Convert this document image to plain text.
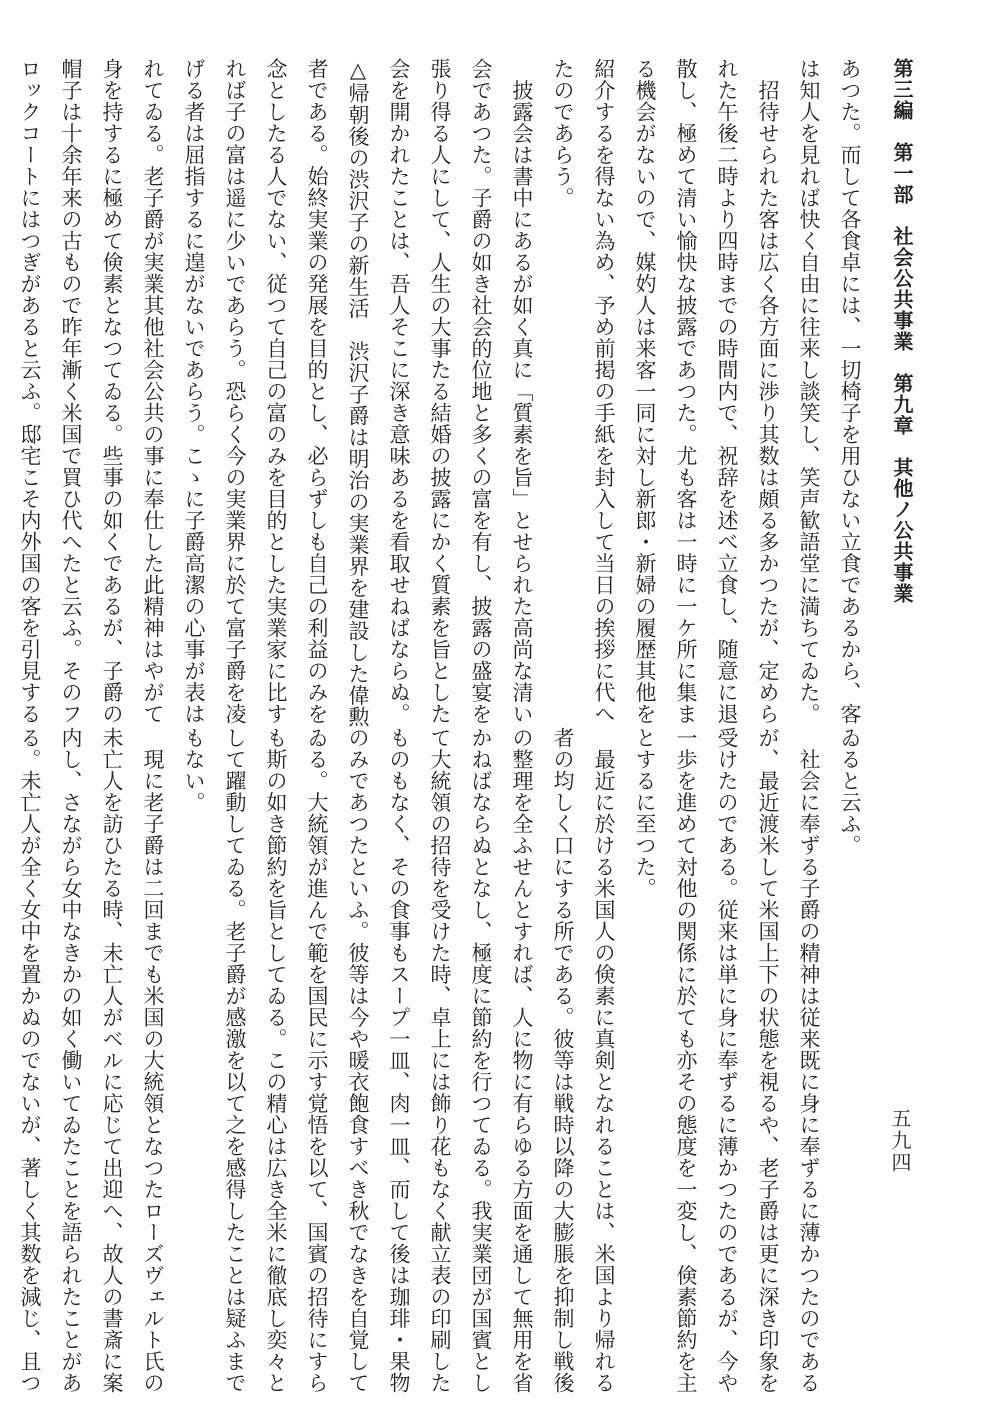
第三編　第一部　社会公共事業　第九章　其他ノ公共事業

あつた。而して各食卓には、一切椅子を用ひない立食であるから、客

は知人を見れば快く自由に往来し談笑し、笑声歓語堂に満ちてゐた。

　招待せられた客は広く各方面に渉り其数は頗る多かつたが、定めら

れた午後二時より四時までの時間内で、祝辞を述べ立食し、随意に退

散し、極めて清い愉快な披露であつた。尤も客は一時に一ケ所に集ま

る機会がないので、媒妁人は来客一同に対し新郎・新婦の履歴其他を

紹介するを得ない為め、予め前掲の手紙を封入して当日の挨拶に代へ

たのであらう。

　披露会は書中にあるが如く真に「質素を旨」とせられた高尚な清い

会であつた。子爵の如き社会的位地と多くの富を有し、披露の盛宴を

張り得る人にして、人生の大事たる結婚の披露にかく質素を旨とした

会を開かれたことは、吾人そこに深き意味あるを看取せねばならぬ。

△帰朝後の渋沢子の新生活　渋沢子爵は明治の実業界を建設した偉勲

者である。始終実業の発展を目的とし、必らずしも自己の利益のみを

念としたる人でない、従つて自己の富のみを目的とした実業家に比す

れば子の富は遥に少いであらう。恐らく今の実業界に於て富子爵を凌

げる者は屈指するに遑がないであらう。こゝに子爵高潔の心事が表は

れてゐる。老子爵が実業其他社会公共の事に奉仕した此精神はやがて

身を持するに極めて倹素となつてゐる。些事の如くであるが、子爵の

帽子は十余年来の古もので昨年漸く米国で買ひ代へたと云ふ。そのフ

ロックコートにはつぎがあると云ふ。邸宅こそ内外国の客を引見する

ゐると云ふ。

　社会に奉ずる子爵の精神は従来既に身に奉ずるに薄かつたのである

が、最近渡米して米国上下の状態を視るや、老子爵は更に深き印象を

受けたのである。従来は単に身に奉ずるに薄かつたのであるが、今や

一歩を進めて対他の関係に於ても亦その態度を一変し、倹素節約を主

とするに至つた。

　最近に於ける米国人の倹素に真剣となれることは、米国より帰れる

者の均しく口にする所である。彼等は戦時以降の大膨脹を抑制し戦後

の整理を全ふせんとすれば、人に物に有らゆる方面を通して無用を省

かねばならぬとなし、極度に節約を行つてゐる。我実業団が国賓とし

て大統領の招待を受けた時、卓上には飾り花もなく献立表の印刷した

ものもなく、その食事もスープ一皿、肉一皿、而して後は珈琲・果物

のみであつたといふ。彼等は今や暖衣飽食すべき秋でなきを自覚して

ゐる。大統領が進んで範を国民に示す覚悟を以て、国賓の招待にすら

も斯の如き節約を旨としてゐる。この精心は広き全米に徹底し奕々と

して躍動してゐる。老子爵が感激を以て之を感得したことは疑ふまで

もない。

　現に老子爵は二回までも米国の大統領となつたローズヴェルト氏の

未亡人を訪ひたる時、未亡人がベルに応じて出迎へ、故人の書斎に案

内し、さながら女中なきかの如く働いてゐたことを語られたことがあ

る。未亡人が全く女中を置かぬのでないが、著しく其数を減じ、且つ	五九四
